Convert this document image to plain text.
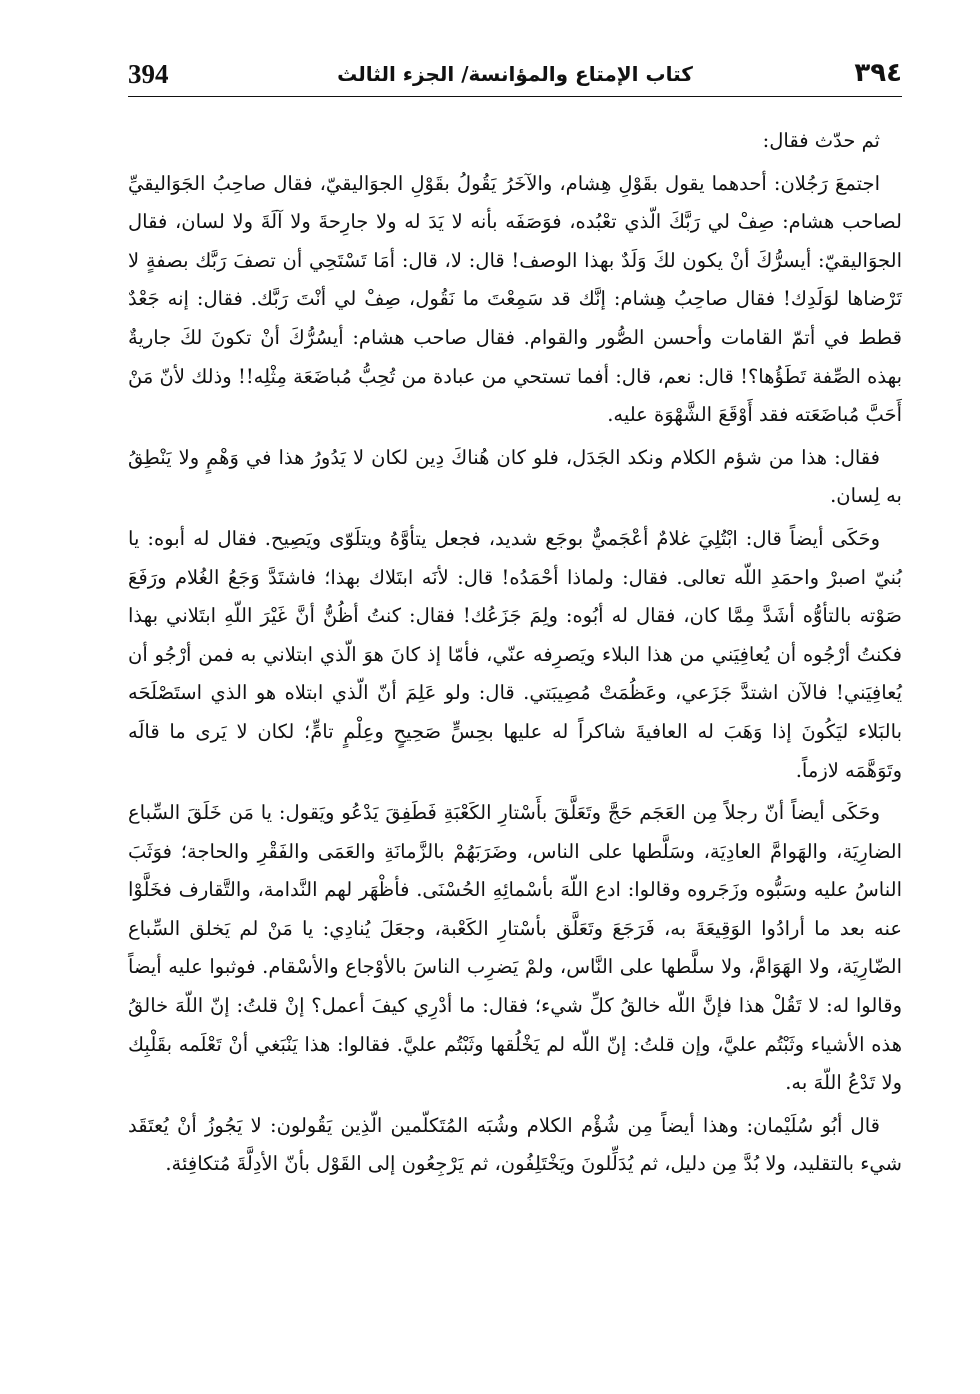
394	كتاب الإمتاع والمؤانسة/ الجزء الثالث	٣٩٤

ثم حدّث فقال:

اجتمعَ رَجُلان: أحدهما يقول بقَوْلِ هِشام، والآخَرُ يَقُولُ بقَوْلِ الجوَاليقيّ، فقال صاحِبُ الجَوَاليقيِّ لصاحب هشام: صِفْ لي رَبَّكَ الّذي تعْبُده، فوَصَفَه بأنه لا يَدَ له ولا جارِحةَ ولا آلَةَ ولا لسان، فقال الجوَاليقيّ: أيسرُّكَ أنْ يكون لكَ وَلَدٌ بهذا الوصف! قال: لا، قال: أمَا تَسْتَحِي أن تصفَ رَبَّك بصفةٍ لا تَرْضاها لوَلَدِك! فقال صاحِبُ هِشام: إنَّك قد سَمِعْتَ ما نَقُول، صِفْ لي أنْتَ رَبَّك. فقال: إنه جَعْدٌ قطط في أتمّ القامات وأحسن الصُّور والقوام. فقال صاحب هشام: أيسُرُّكَ أنْ تكونَ لكَ جاريةٌ بهذه الصِّفة تَطَؤُها؟! قال: نعم، قال: أفما تستحي من عبادة من تُحِبُّ مُباضَعَة مِثْلِه!! وذلك لأنّ مَنْ أَحَبَّ مُباضَعَته فقد أَوْقَعَ الشَّهْوَة عليه.

فقال: هذا من شؤم الكلام ونكد الجَدَل، فلو كان هُناكَ دِين لكان لا يَدُورُ هذا في وَهْمٍ ولا يَنْطِقُ به لِسان.

وحَكَى أيضاً قال: ابْتُلِيَ غلامٌ أعْجَميٌّ بوجَع شديد، فجعل يتأوَّهُ ويتلَوّى ويَصِيح. فقال له أبوه: يا بُنيّ اصبرْ واحمَدِ اللّه تعالى. فقال: ولماذا أحْمَدُه! قال: لأنَه ابتَلاك بهذا؛ فاشتَدَّ وَجَعُ الغُلام ورَفَعَ صَوْته بالتأوُّه أشَدَّ مِمَّا كان، فقال له أبُوه: ولِمَ جَزَعُك! فقال: كنتُ أظُنُّ أنَّ غَيْرَ اللّهِ ابتَلاني بهذا فكنتُ أرْجُوه أن يُعافِيَني من هذا البلاء ويَصرِفه عنّي، فأمّا إذ كانَ هوَ الّذي ابتلاني به فمن أرْجُو أن يُعافِيَني! فالآن اشتدَّ جَزَعي، وعَظُمَتْ مُصِيبَتي. قال: ولو عَلِمَ أنّ الّذي ابتلاه هو الذي استَصْلَحَه بالبَلاء ليَكُونَ إذا وَهَبَ له العافيةَ شاكراً له عليها بحِسٍّ صَحِيحٍ وعِلْمٍ تامٍّ؛ لكان لا يَرى ما قالَه وتَوَهَّمَه لازماً.

وحَكَى أيضاً أنّ رجلاً مِن العَجَم حَجَّ وتَعَلَّقَ بأَسْتارِ الكَعْبَةِ فَطَفِقَ يَدْعُو ويَقول: يا مَن خَلَقَ السِّباع الضارِيَة، والهَوامَّ العادِيَة، وسَلَّطها على الناس، وضَرَبَهُمْ بالزَّمانَةِ والعَمَى والفَقْرِ والحاجة؛ فوَثَبَ الناسُ عليه وسَبُّوه وزَجَروه وقالوا: ادع اللّهَ بأسْمائِهِ الحُسْنَى. فأظْهَر لهم النَّدامة، والتَّقارف فخَلَّوْا عنه بعد ما أرادُوا الوَقِيعَةَ به، فَرَجَعَ وتَعَلَّق بأسْتارِ الكَعْبة، وجعَلَ يُنادِي: يا مَنْ لم يَخلق السِّباع الضّارِيَة، ولا الهَوَامَّ، ولا سلَّطها على النَّاس، ولمْ يَضرِب الناسَ بالأوْجاع والأسْقام. فوثبوا عليه أيضاً وقالوا له: لا تَقُلْ هذا فإنَّ اللّه خالقُ كلِّ شيء؛ فقال: ما أدْرِي كيفَ أعمل؟ إنْ قلتُ: إنّ اللّهَ خالقُ هذه الأشياء وثَبْتُم عليَّ، وإن قلتُ: إنّ اللّه لم يَخْلُقها وثَبْتُم عليَّ. فقالوا: هذا يَنْبَغي أنْ تَعْلَمه بقَلْبِك ولا تَدْعُ اللّهَ به.

قال أبُو سُلَيْمان: وهذا أيضاً مِن شُؤْم الكلام وشُبَه المُتَكلّمين الّذِين يَقُولون: لا يَجُوزُ أنْ يُعتَقَد شيء بالتقليد، ولا بُدَّ مِن دليل، ثم يُدَلِّلونَ ويَخْتَلِفُون، ثم يَرْجِعُون إلى القَوْل بأنّ الأدِلَّةَ مُتكافِئة.
